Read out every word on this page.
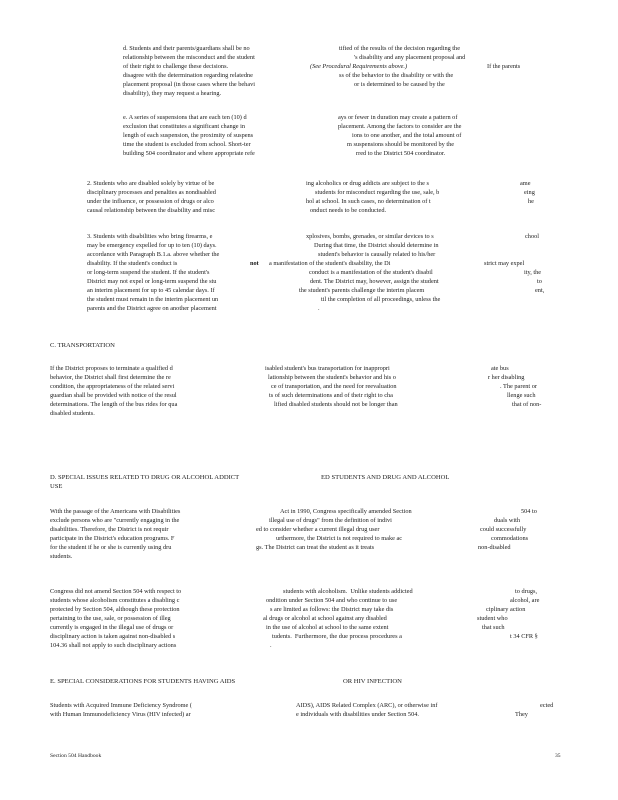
d. Students and their parents/guardians shall be no
relationship between the misconduct and the student
of their right to challenge these decisions.
disagree with the determination regarding relatedne
placement proposal (in those cases where the behavi
disability), they may request a hearing.
tified of the results of the decision regarding the
's disability and any placement proposal and
(See Procedural Requirements above.)	If the parents
ss of the behavior to the disability or with the
or is determined to be caused by the
e. A series of suspensions that are each ten (10) d
exclusion that constitutes a significant change in
length of each suspension, the proximity of suspens
time the student is excluded from school. Short-ter
building 504 coordinator and where appropriate refe
ays or fewer in duration may create a pattern of
placement. Among the factors to consider are the
ions to one another, and the total amount of
m suspensions should be monitored by the
rred to the District 504 coordinator.
2. Students who are disabled solely by virtue of be
disciplinary processes and penalties as nondisabled
under the influence, or possession of drugs or alco
causal relationship between the disability and misc
ing alcoholics or drug addicts are subject to the s
students for misconduct regarding the use, sale, b
hol at school. In such cases, no determination of t
onduct needs to be conducted.
ame
eing
he
3. Students with disabilities who bring firearms, e
may be emergency expelled for up to ten (10) days.
accordance with Paragraph B.1.a. above whether the
disability. If the student's conduct is
or long-term suspend the student. If the student's
District may not expel or long-term suspend the stu
an interim placement for up to 45 calendar days. If
the student must remain in the interim placement un
parents and the District agree on another placement
not
xplosives, bombs, grenades, or similar devices to s
During that time, the District should determine in
student's behavior is causally related to his/her
a manifestation of the student's disability, the Di
conduct is a manifestation of the student's disabil
dent. The District may, however, assign the student
the student's parents challenge the interim placem
til the completion of all proceedings, unless the
.
chool
strict may expel
ity, the
to
ent,
C. TRANSPORTATION
If the District proposes to terminate a qualified d
behavior, the District shall first determine the re
condition, the appropriateness of the related servi
guardian shall be provided with notice of the resul
determinations. The length of the bus rides for qua
disabled students.
isabled student's bus transportation for inappropri
lationship between the student's behavior and his o
ce of transportation, and the need for reevaluation
ts of such determinations and of their right to cha
lified disabled students should not be longer than
ate bus
r her disabling
. The parent or
llenge such
that of non-
D. SPECIAL ISSUES RELATED TO DRUG OR ALCOHOL ADDICT	ED STUDENTS AND DRUG AND ALCOHOL
USE
With the passage of the Americans with Disabilities
exclude persons who are "currently engaging in the
disabilities. Therefore, the District is not requir
participate in the District's education programs. F
for the student if he or she is currently using dru
students.
Act in 1990, Congress specifically amended Section
illegal use of drugs" from the definition of indivi
ed to consider whether a current illegal drug user
urthermore, the District is not required to make ac
gs. The District can treat the student as it treats
504 to
duals with
could successfully
commodations
non-disabled
Congress did not amend Section 504 with respect to
students whose alcoholism constitutes a disabling c
protected by Section 504, although these protection
pertaining to the use, sale, or possession of illeg
currently is engaged in the illegal use of drugs or
disciplinary action is taken against non-disabled s
104.36 shall not apply to such disciplinary actions
students with alcoholism.  Unlike students addicted
ondition under Section 504 and who continue to use
s are limited as follows: the District may take dis
al drugs or alcohol at school against any disabled
in the use of alcohol at school to the same extent
tudents.  Furthermore, the due process procedures a
.
to drugs,
alcohol, are
ciplinary action
student who
that such
t 34 CFR §
E. SPECIAL CONSIDERATIONS FOR STUDENTS HAVING AIDS	OR HIV INFECTION
Students with Acquired Immune Deficiency Syndrome (
with Human Immunodeficiency Virus (HIV infected) ar
AIDS), AIDS Related Complex (ARC), or otherwise inf
e individuals with disabilities under Section 504.
ected
They
Section 504 Handbook	35
